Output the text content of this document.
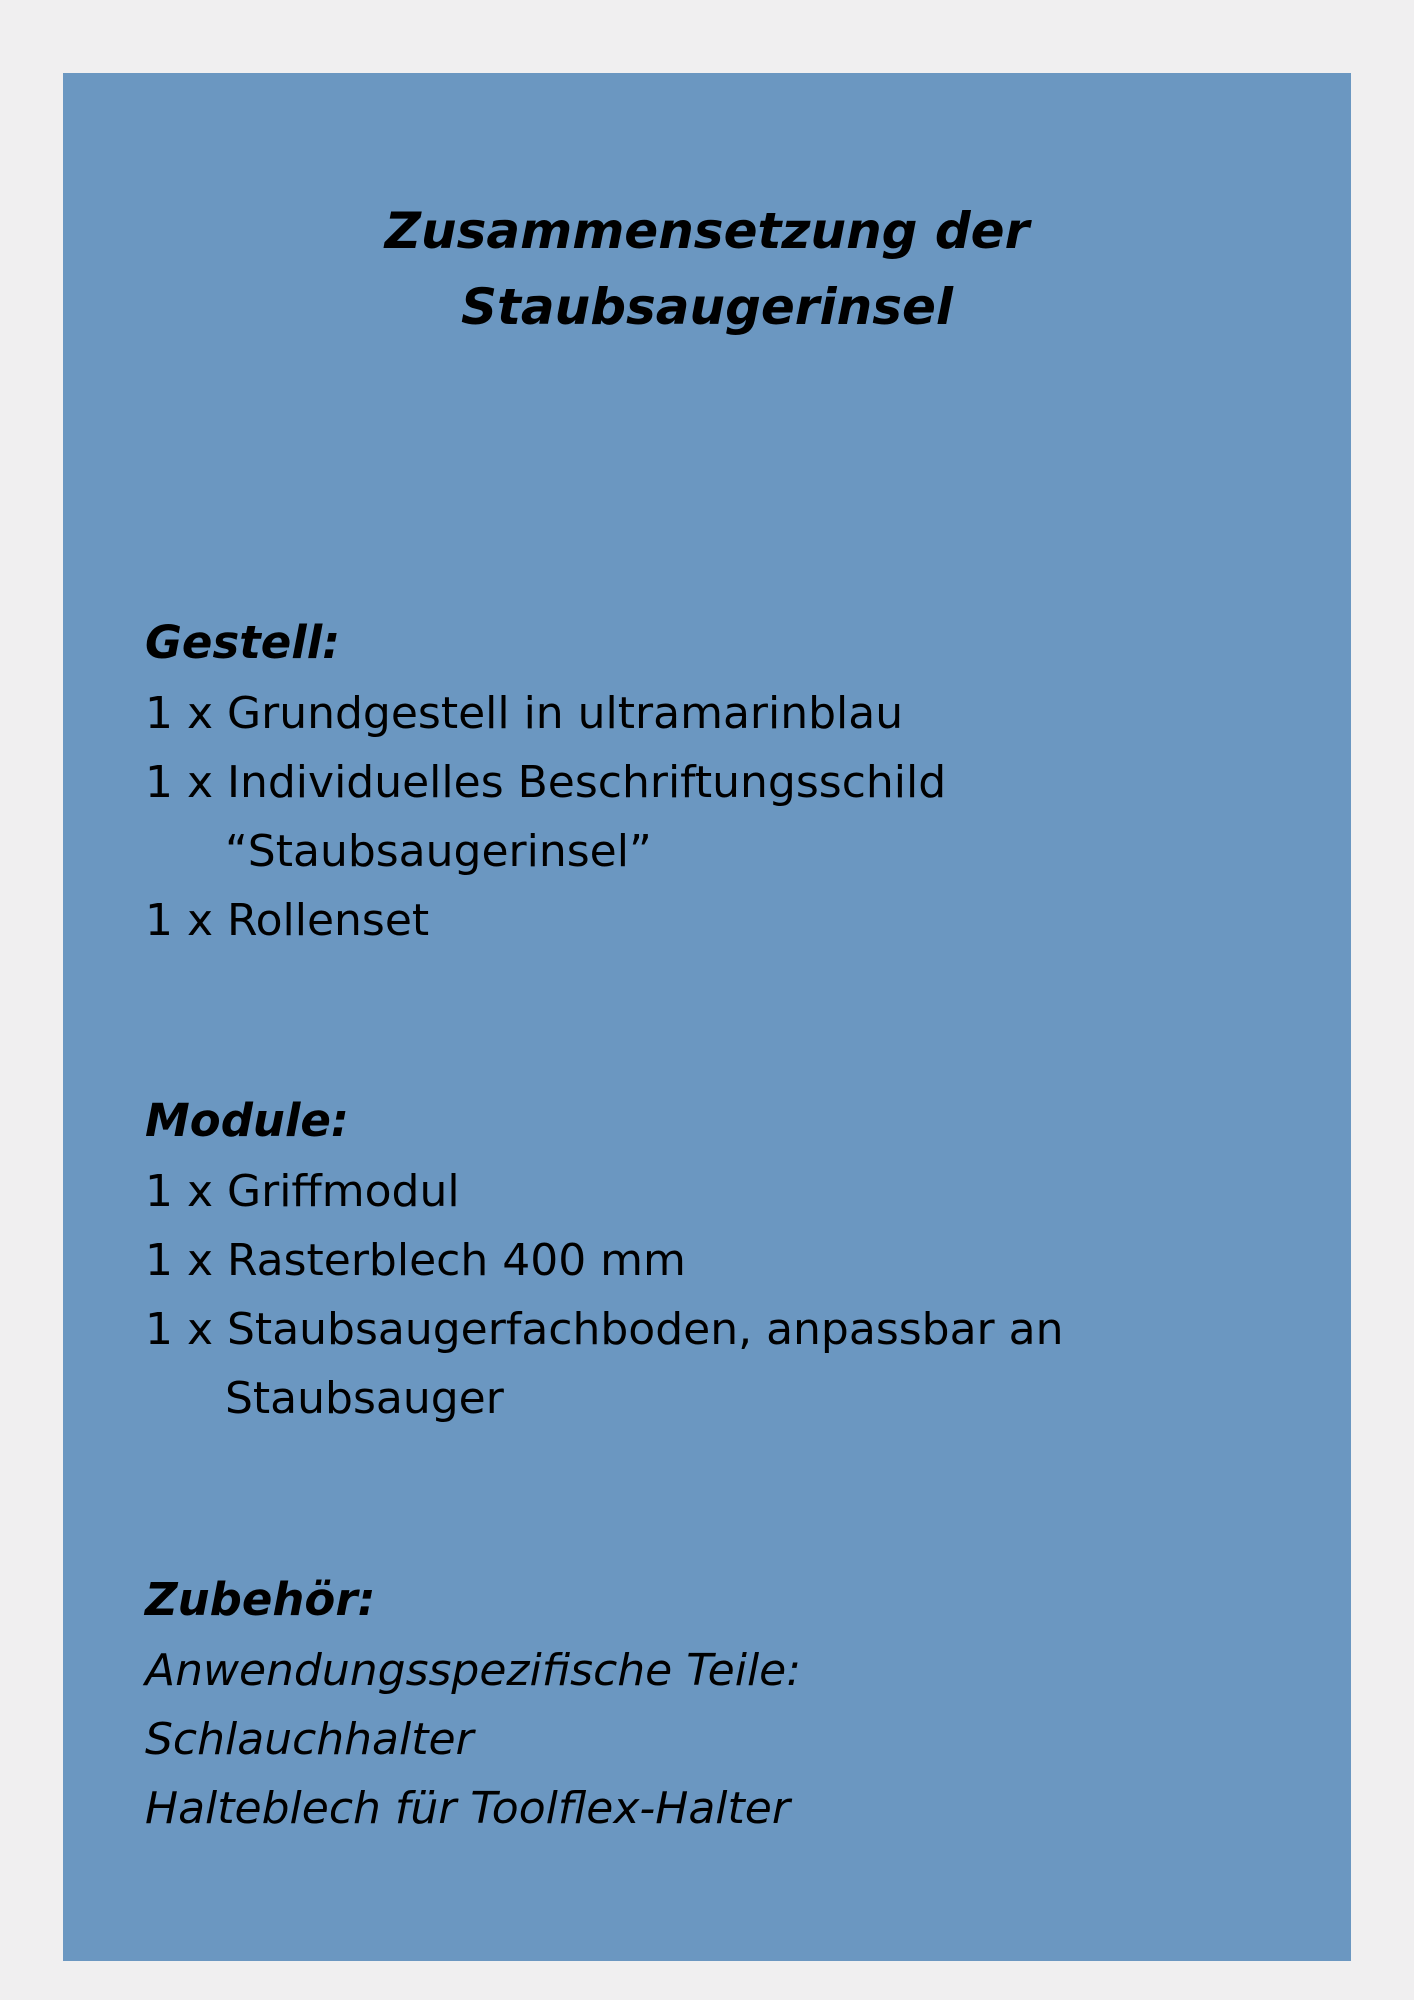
Zusammensetzung der
Staubsaugerinsel
Gestell:
1 x Grundgestell in ultramarinblau
1 x Individuelles Beschriftungsschild
“Staubsaugerinsel”
1 x Rollenset
Module:
1 x Griffmodul
1 x Rasterblech 400 mm
1 x Staubsaugerfachboden, anpassbar an
Staubsauger
Zubehör:
Anwendungsspezifische Teile:
Schlauchhalter
Halteblech für Toolflex-Halter
